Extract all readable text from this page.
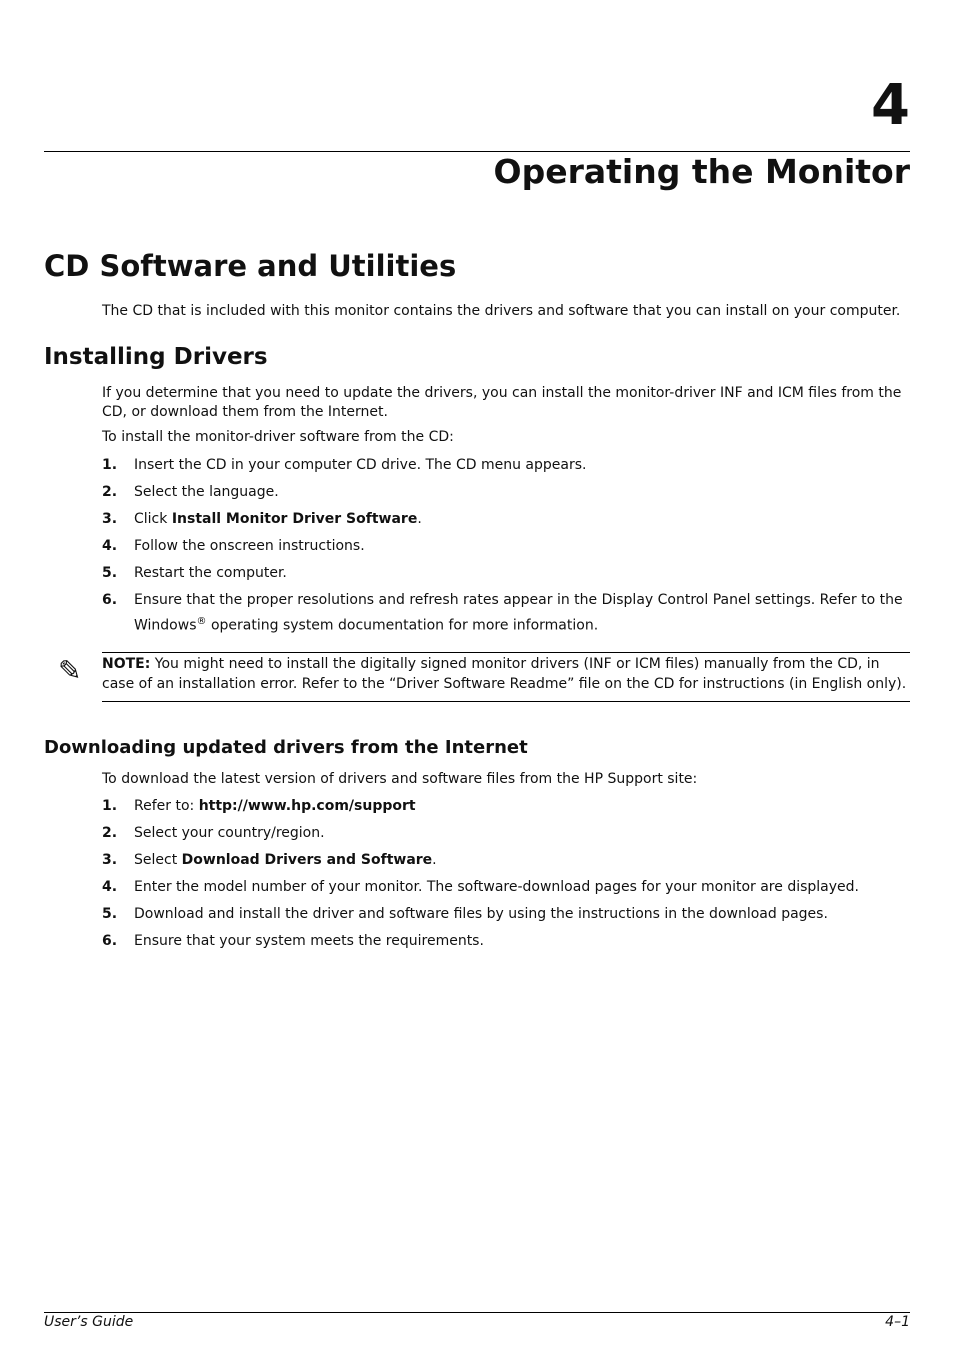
4
Operating the Monitor
CD Software and Utilities

The CD that is included with this monitor contains the drivers and software that you can install on your computer.

Installing Drivers

If you determine that you need to update the drivers, you can install the monitor-driver INF and ICM files from the CD, or download them from the Internet.

To install the monitor-driver software from the CD:

1. Insert the CD in your computer CD drive. The CD menu appears.
2. Select the language.
3. Click Install Monitor Driver Software.
4. Follow the onscreen instructions.
5. Restart the computer.
6. Ensure that the proper resolutions and refresh rates appear in the Display Control Panel settings. Refer to the Windows® operating system documentation for more information.
✎ NOTE: You might need to install the digitally signed monitor drivers (INF or ICM files) manually from the CD, in case of an installation error. Refer to the “Driver Software Readme” file on the CD for instructions (in English only).
Downloading updated drivers from the Internet

To download the latest version of drivers and software files from the HP Support site:

1. Refer to: http://www.hp.com/support
2. Select your country/region.
3. Select Download Drivers and Software.
4. Enter the model number of your monitor. The software-download pages for your monitor are displayed.
5. Download and install the driver and software files by using the instructions in the download pages.
6. Ensure that your system meets the requirements.
User’s Guide	4–1
